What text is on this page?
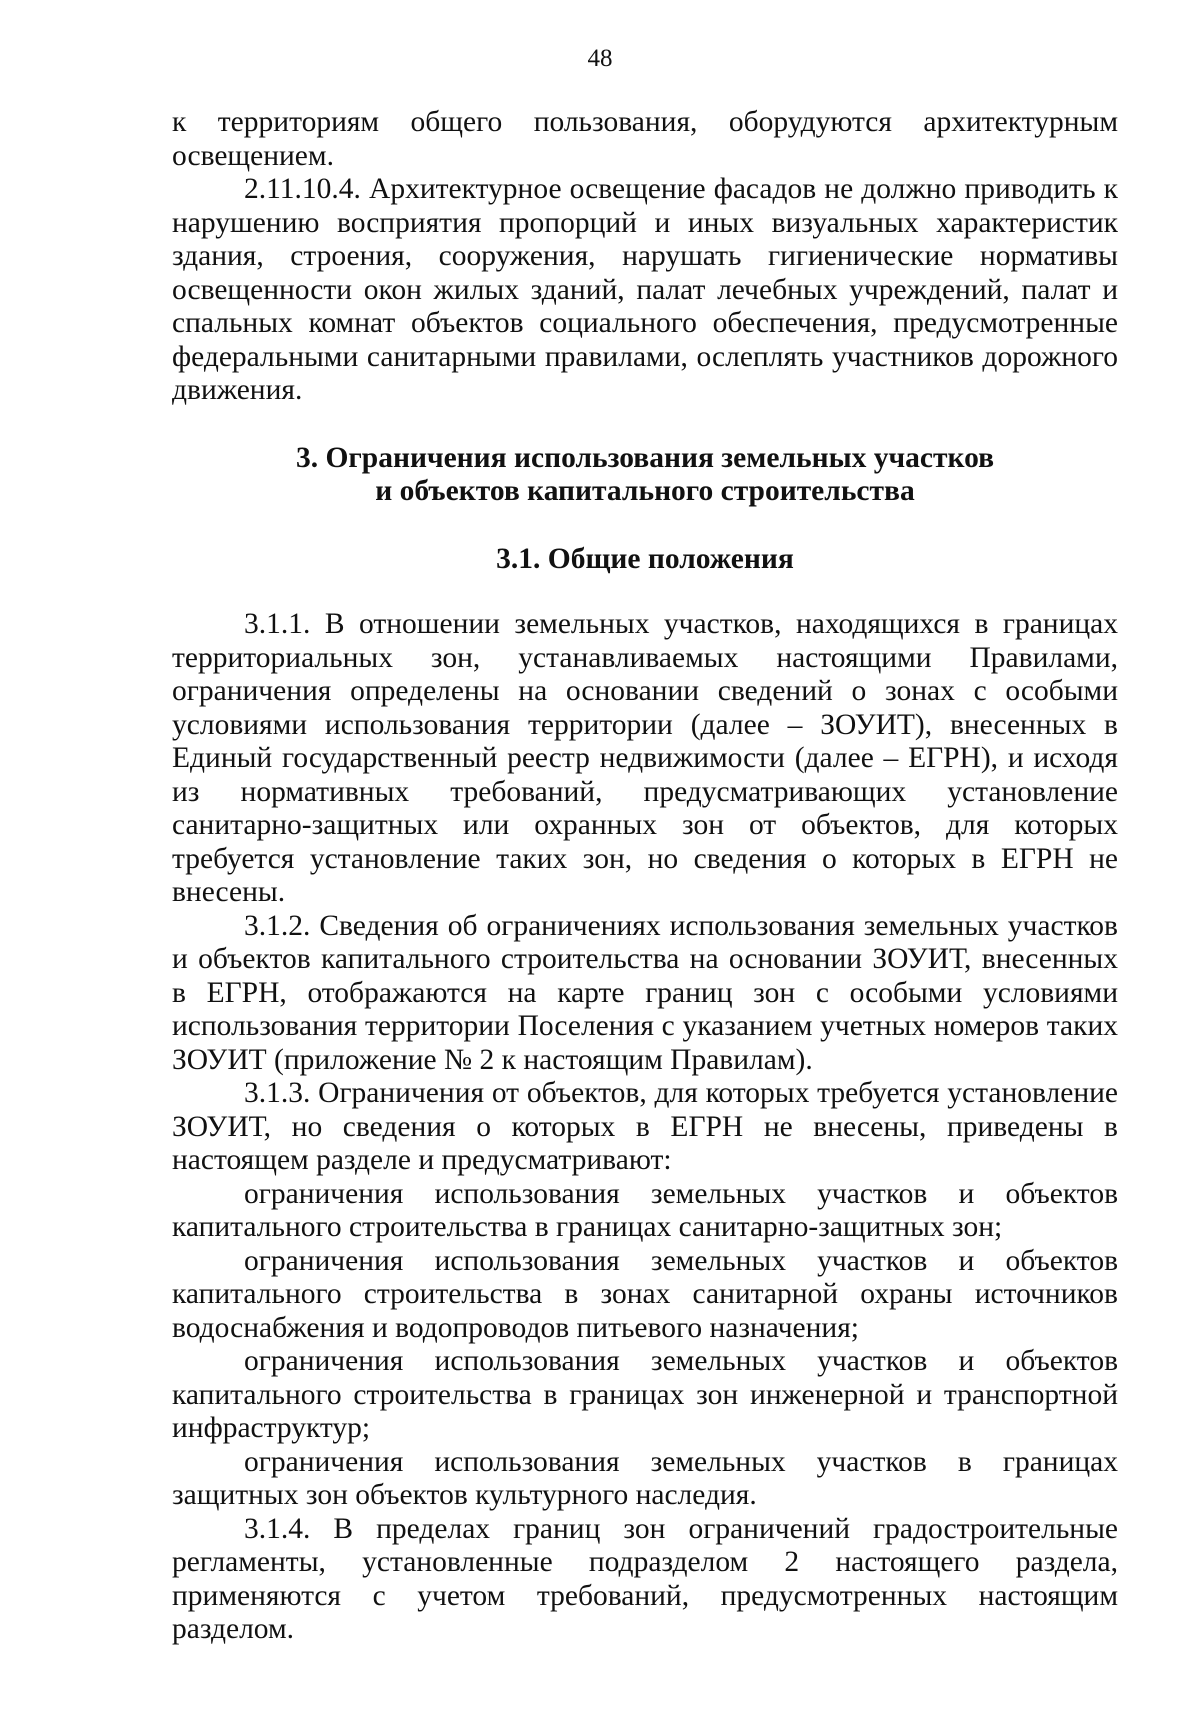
48

к территориям общего пользования, оборудуются архитектурным освещением.

2.11.10.4. Архитектурное освещение фасадов не должно приводить к нарушению восприятия пропорций и иных визуальных характеристик здания, строения, сооружения, нарушать гигиенические нормативы освещенности окон жилых зданий, палат лечебных учреждений, палат и спальных комнат объектов социального обеспечения, предусмотренные федеральными санитарными правилами, ослеплять участников дорожного движения.

3. Ограничения использования земельных участков
и объектов капитального строительства
3.1. Общие положения

3.1.1. В отношении земельных участков, находящихся в границах территориальных зон, устанавливаемых настоящими Правилами, ограничения определены на основании сведений о зонах с особыми условиями использования территории (далее – ЗОУИТ), внесенных в Единый государственный реестр недвижимости (далее – ЕГРН), и исходя из нормативных требований, предусматривающих установление санитарно-защитных или охранных зон от объектов, для которых требуется установление таких зон, но сведения о которых в ЕГРН не внесены.

3.1.2. Сведения об ограничениях использования земельных участков и объектов капитального строительства на основании ЗОУИТ, внесенных в ЕГРН, отображаются на карте границ зон с особыми условиями использования территории Поселения с указанием учетных номеров таких ЗОУИТ (приложение № 2 к настоящим Правилам).

3.1.3. Ограничения от объектов, для которых требуется установление ЗОУИТ, но сведения о которых в ЕГРН не внесены, приведены в настоящем разделе и предусматривают:

ограничения использования земельных участков и объектов капитального строительства в границах санитарно-защитных зон;

ограничения использования земельных участков и объектов капитального строительства в зонах санитарной охраны источников водоснабжения и водопроводов питьевого назначения;

ограничения использования земельных участков и объектов капитального строительства в границах зон инженерной и транспортной инфраструктур;

ограничения использования земельных участков в границах защитных зон объектов культурного наследия.

3.1.4. В пределах границ зон ограничений градостроительные регламенты, установленные подразделом 2 настоящего раздела, применяются с учетом требований, предусмотренных настоящим разделом.
